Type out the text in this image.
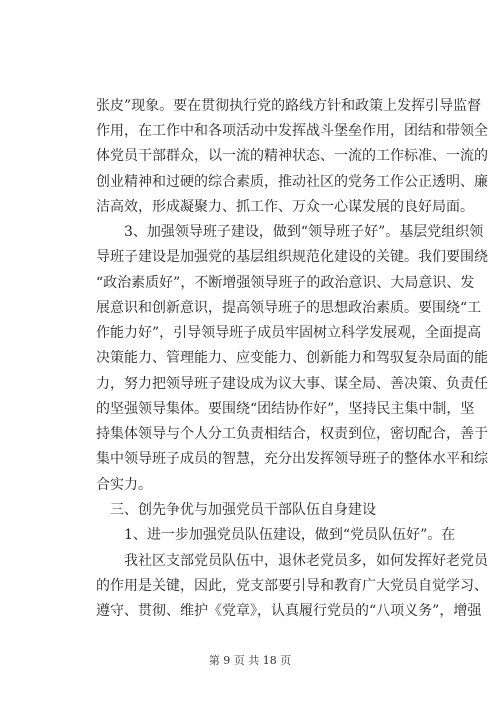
张皮”现象。要在贯彻执行党的路线方针和政策上发挥引导监督
作用，在工作中和各项活动中发挥战斗堡垒作用，团结和带领全
体党员干部群众，以一流的精神状态、一流的工作标准、一流的
创业精神和过硬的综合素质，推动社区的党务工作公正透明、廉
洁高效，形成凝聚力、抓工作、万众一心谋发展的良好局面。
3、加强领导班子建设，做到“领导班子好”。基层党组织领
导班子建设是加强党的基层组织规范化建设的关键。我们要围绕
“政治素质好”，不断增强领导班子的政治意识、大局意识、发
展意识和创新意识，提高领导班子的思想政治素质。要围绕“工
作能力好”，引导领导班子成员牢固树立科学发展观，全面提高
决策能力、管理能力、应变能力、创新能力和驾驭复杂局面的能
力，努力把领导班子建设成为议大事、谋全局、善决策、负责任
的坚强领导集体。要围绕“团结协作好”，坚持民主集中制，坚
持集体领导与个人分工负责相结合，权责到位，密切配合，善于
集中领导班子成员的智慧，充分出发挥领导班子的整体水平和综
合实力。
三、创先争优与加强党员干部队伍自身建设
1、进一步加强党员队伍建设，做到“党员队伍好”。在
我社区支部党员队伍中，退休老党员多，如何发挥好老党员
的作用是关键，因此，党支部要引导和教育广大党员自觉学习、
遵守、贯彻、维护《党章》，认真履行党员的“八项义务”，增强
第 9 页 共 18 页
